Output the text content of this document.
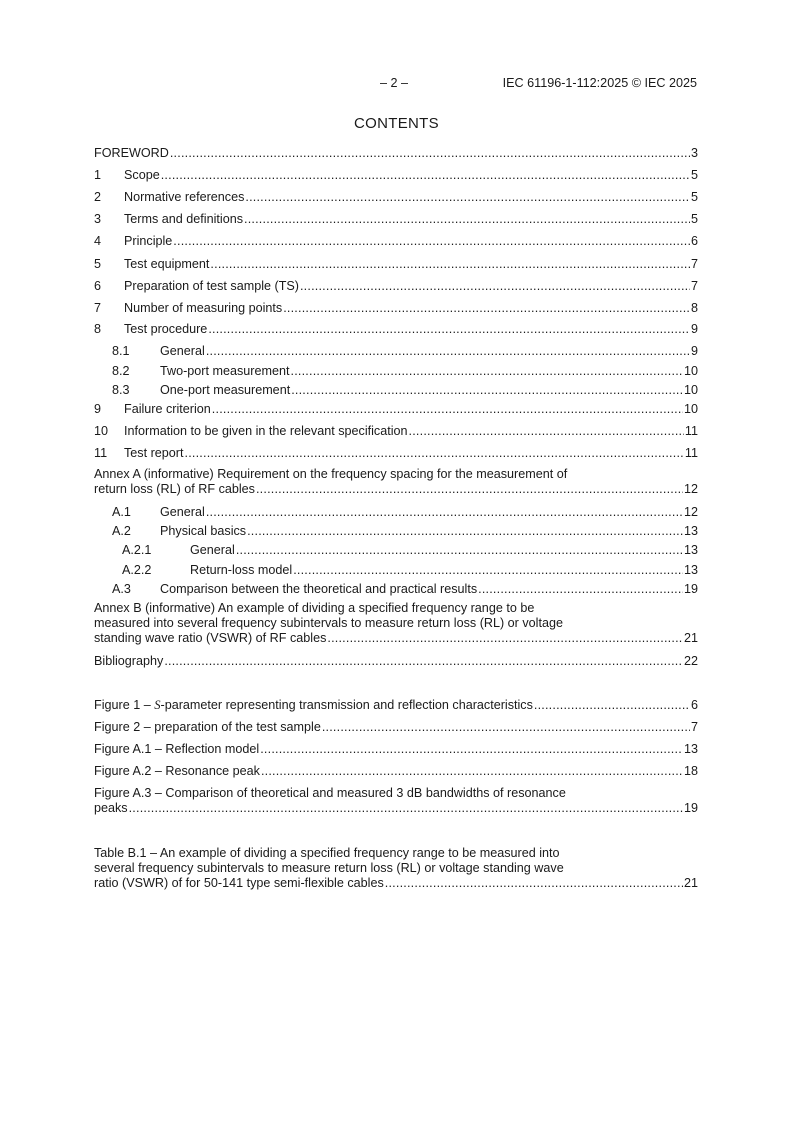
– 2 –	IEC 61196-1-112:2025 © IEC 2025
CONTENTS
FOREWORD .....	3
1	Scope .....	5
2	Normative references .....	5
3	Terms and definitions .....	5
4	Principle .....	6
5	Test equipment .....	7
6	Preparation of test sample (TS) .....	7
7	Number of measuring points .....	8
8	Test procedure .....	9
8.1	General .....	9
8.2	Two-port measurement .....	10
8.3	One-port measurement .....	10
9	Failure criterion .....	10
10	Information to be given in the relevant specification .....	11
11	Test report .....	11
Annex A (informative) Requirement on the frequency spacing for the measurement of
return loss (RL) of RF cables .....	12
A.1	General .....	12
A.2	Physical basics .....	13
A.2.1	General .....	13
A.2.2	Return-loss model .....	13
A.3	Comparison between the theoretical and practical results .....	19
Annex B (informative) An example of dividing a specified frequency range to be
measured into several frequency subintervals to measure return loss (RL) or voltage
standing wave ratio (VSWR) of RF cables .....	21
Bibliography .....	22
Figure 1 – S-parameter representing transmission and reflection characteristics .....	6
Figure 2 – preparation of the test sample .....	7
Figure A.1 – Reflection model .....	13
Figure A.2 – Resonance peak .....	18
Figure A.3 – Comparison of theoretical and measured 3 dB bandwidths of resonance
peaks .....	19
Table B.1 – An example of dividing a specified frequency range to be measured into
several frequency subintervals to measure return loss (RL) or voltage standing wave
ratio (VSWR) of for 50-141 type semi-flexible cables .....	21
